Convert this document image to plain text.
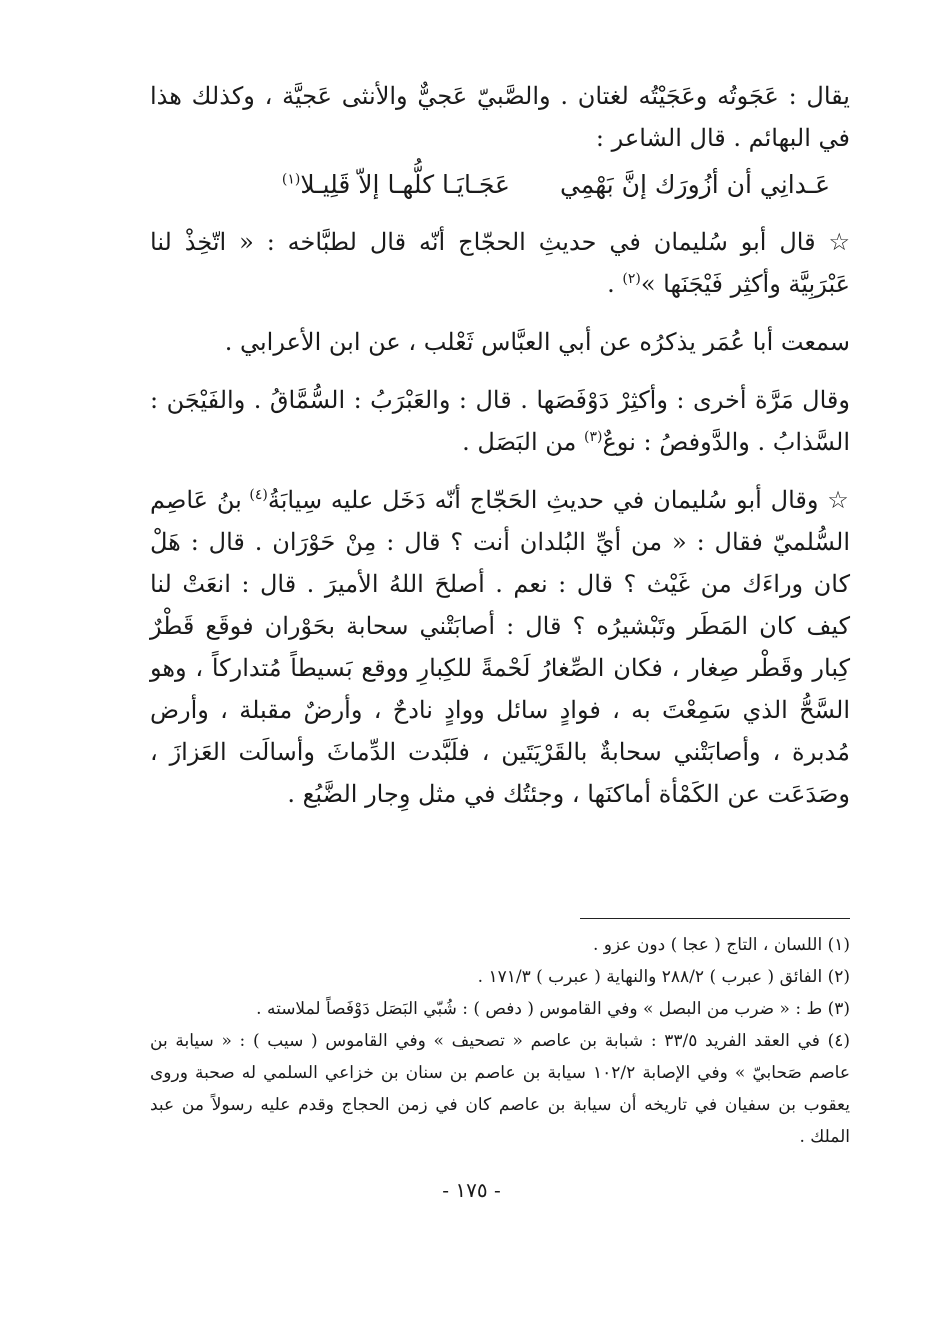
يقال : عَجَوتُه وعَجَيْتُه لغتان . والصَّبيّ عَجيٌّ والأنثى عَجيَّة ، وكذلك هذا في البهائم . قال الشاعر :

عَـدانِي أن أزُورَك إنَّ بَهْمِي
عَجَـايَـا كلُّهـا إلاّ قَلِيـلا$^{(١)}$

☆ قال أبو سُليمان في حديثِ الحجّاج أنّه قال لطبَّاخه : « اتّخِذْ لنا عَبْرَبِيَّة وأكثِر فَيْجَنَها »$^{(٢)}$ .

سمعت أبا عُمَر يذكرُه عن أبي العبَّاس ثَعْلب ، عن ابن الأعرابي .

وقال مَرَّة أخرى : وأكثِرْ دَوْفَصَها . قال : والعَبْرَبُ : السُّمَّاقُ . والفَيْجَن : السَّذابُ . والدَّوفصُ : نوعٌ$^{(٣)}$ من البَصَل .

☆ وقال أبو سُليمان في حديثِ الحَجّاج أنّه دَخَل عليه سِيابَةُ$^{(٤)}$ بنُ عَاصِم السُّلميّ فقال : « من أيِّ البُلدان أنت ؟ قال : مِنْ حَوْرَان . قال : هَلْ كان وراءَك من غَيْث ؟ قال : نعم . أصلحَ اللهُ الأميرَ . قال : انعَتْ لنا كيف كان المَطَر وتَبْشيرُه ؟ قال : أصابَتْني سحابة بحَوْران فوقَع قَطْرٌ كِبار وقَطْر صِغار ، فكان الصِّغارُ لَحْمةً للكِبارِ ووقع بَسيطاً مُتداركاً ، وهو السَّحُّ الذي سَمِعْتَ به ، فوادٍ سائل ووادٍ نادحٌ ، وأرضٌ مقبلة ، وأرض مُدبرة ، وأصابَتْني سحابةٌ بالقَرْيَتَين ، فلَبَّدت الدِّماثَ وأسالَت العَزازَ ، وصَدَعَت عن الكَمْأة أماكنَها ، وجئتُك في مثل وِجار الضَّبُع .

(١) اللسان ، التاج ( عجا ) دون عزو .

(٢) الفائق ( عبرب ) ٢٨٨/٢ والنهاية ( عبرب ) ١٧١/٣ .

(٣) ط : « ضرب من البصل » وفي القاموس ( دفص ) : شُبّي البَصَل دَوْفَصاً لملاسته .

(٤) في العقد الفريد ٣٣/٥ : شبابة بن عاصم « تصحيف » وفي القاموس ( سيب ) : « سيابة بن عاصم صَحابيّ » وفي الإصابة ١٠٢/٢ سيابة بن عاصم بن سنان بن خزاعي السلمي له صحبة وروى يعقوب بن سفيان في تاريخه أن سيابة بن عاصم كان في زمن الحجاج وقدم عليه رسولاً من عبد الملك .

- ١٧٥ -
